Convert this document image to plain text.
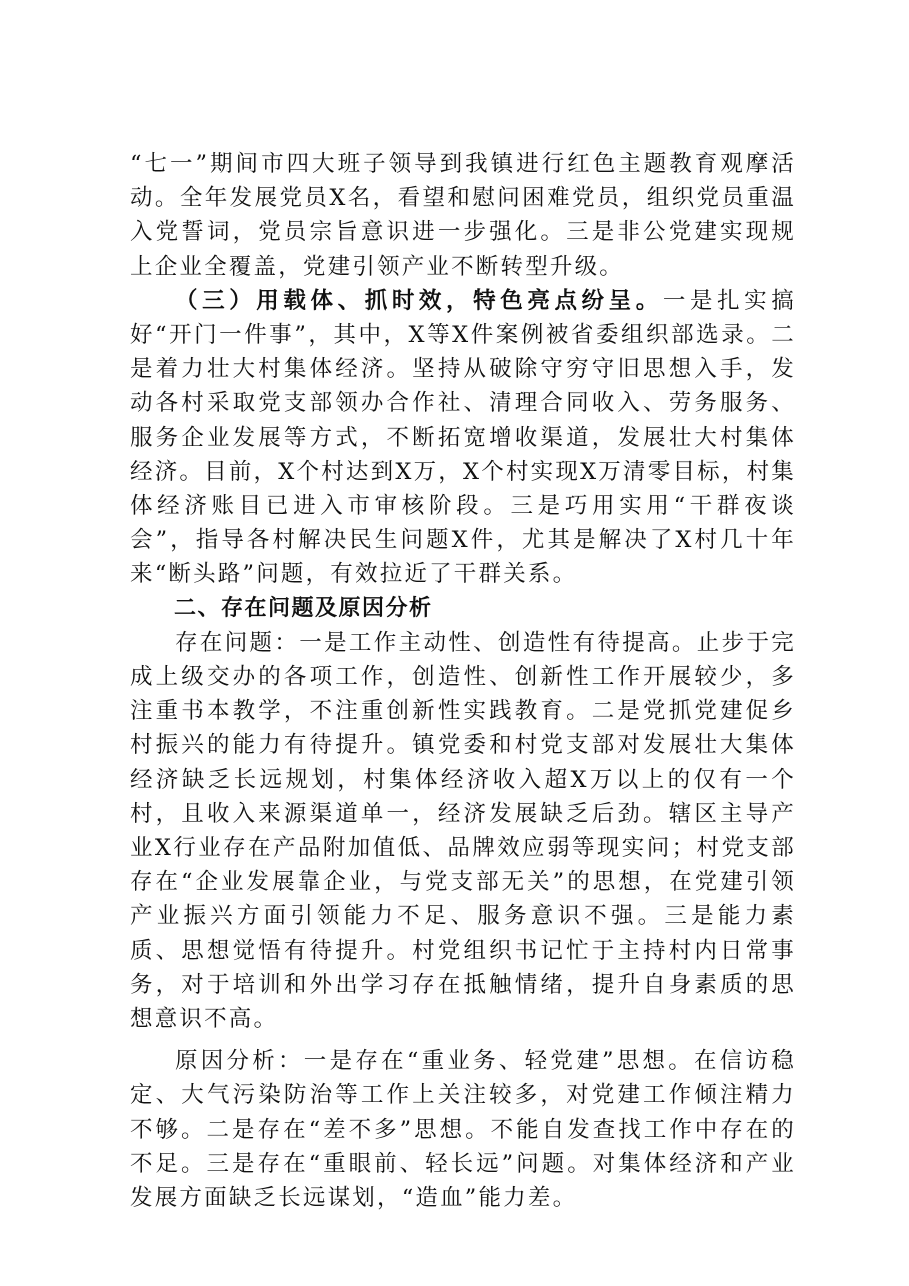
“七一”期间市四大班子领导到我镇进行红色主题教育观摩活动。全年发展党员X名，看望和慰问困难党员，组织党员重温入党誓词，党员宗旨意识进一步强化。三是非公党建实现规上企业全覆盖，党建引领产业不断转型升级。

（三）用载体、抓时效，特色亮点纷呈。一是扎实搞好“开门一件事”，其中，X等X件案例被省委组织部选录。二是着力壮大村集体经济。坚持从破除守穷守旧思想入手，发动各村采取党支部领办合作社、清理合同收入、劳务服务、服务企业发展等方式，不断拓宽增收渠道，发展壮大村集体经济。目前，X个村达到X万，X个村实现X万清零目标，村集体经济账目已进入市审核阶段。三是巧用实用“干群夜谈会”，指导各村解决民生问题X件，尤其是解决了X村几十年来“断头路”问题，有效拉近了干群关系。

二、存在问题及原因分析

存在问题：一是工作主动性、创造性有待提高。止步于完成上级交办的各项工作，创造性、创新性工作开展较少，多注重书本教学，不注重创新性实践教育。二是党抓党建促乡村振兴的能力有待提升。镇党委和村党支部对发展壮大集体经济缺乏长远规划，村集体经济收入超X万以上的仅有一个村，且收入来源渠道单一，经济发展缺乏后劲。辖区主导产业X行业存在产品附加值低、品牌效应弱等现实问；村党支部存在“企业发展靠企业，与党支部无关”的思想，在党建引领产业振兴方面引领能力不足、服务意识不强。三是能力素质、思想觉悟有待提升。村党组织书记忙于主持村内日常事务，对于培训和外出学习存在抵触情绪，提升自身素质的思想意识不高。

原因分析：一是存在“重业务、轻党建”思想。在信访稳定、大气污染防治等工作上关注较多，对党建工作倾注精力不够。二是存在“差不多”思想。不能自发查找工作中存在的不足。三是存在“重眼前、轻长远”问题。对集体经济和产业发展方面缺乏长远谋划，“造血”能力差。
